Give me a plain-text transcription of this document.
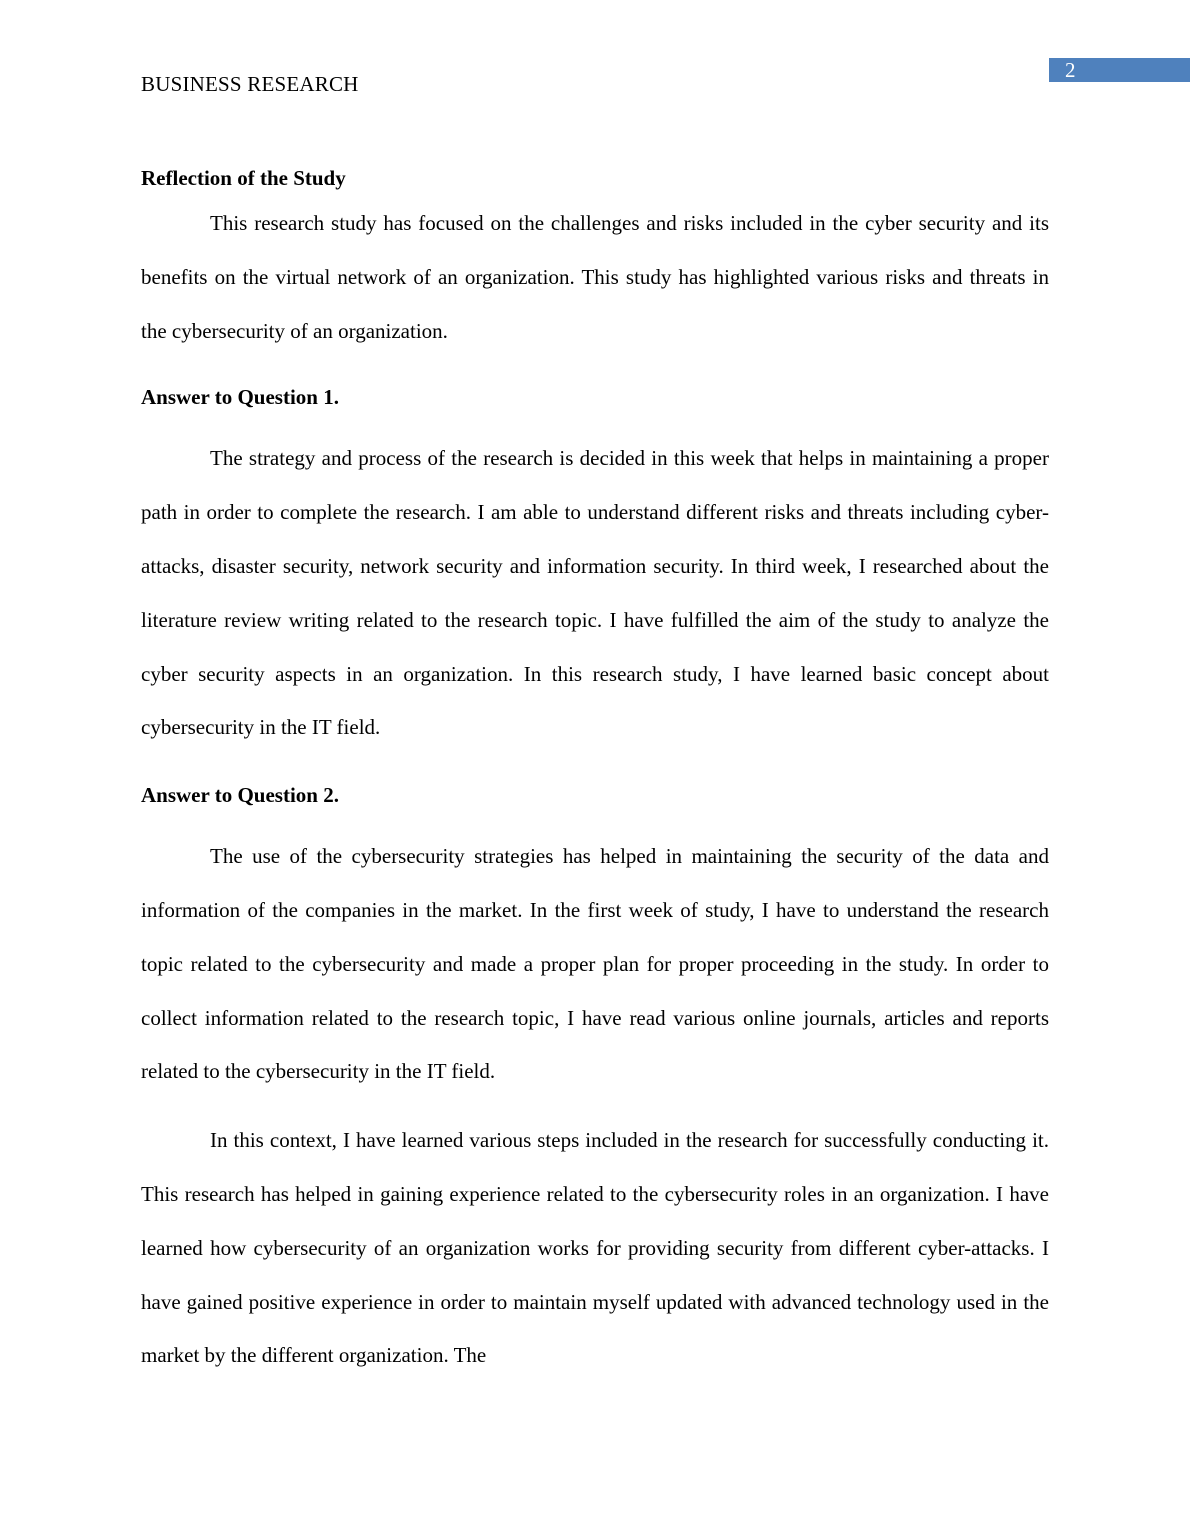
2
BUSINESS RESEARCH

Reflection of the Study

This research study has focused on the challenges and risks included in the cyber security and its benefits on the virtual network of an organization. This study has highlighted various risks and threats in the cybersecurity of an organization.

Answer to Question 1.

The strategy and process of the research is decided in this week that helps in maintaining a proper path in order to complete the research. I am able to understand different risks and threats including cyber-attacks, disaster security, network security and information security. In third week, I researched about the literature review writing related to the research topic. I have fulfilled the aim of the study to analyze the cyber security aspects in an organization. In this research study, I have learned basic concept about cybersecurity in the IT field.

Answer to Question 2.

The use of the cybersecurity strategies has helped in maintaining the security of the data and information of the companies in the market. In the first week of study, I have to understand the research topic related to the cybersecurity and made a proper plan for proper proceeding in the study. In order to collect information related to the research topic, I have read various online journals, articles and reports related to the cybersecurity in the IT field.

In this context, I have learned various steps included in the research for successfully conducting it. This research has helped in gaining experience related to the cybersecurity roles in an organization. I have learned how cybersecurity of an organization works for providing security from different cyber-attacks. I have gained positive experience in order to maintain myself updated with advanced technology used in the market by the different organization. The
